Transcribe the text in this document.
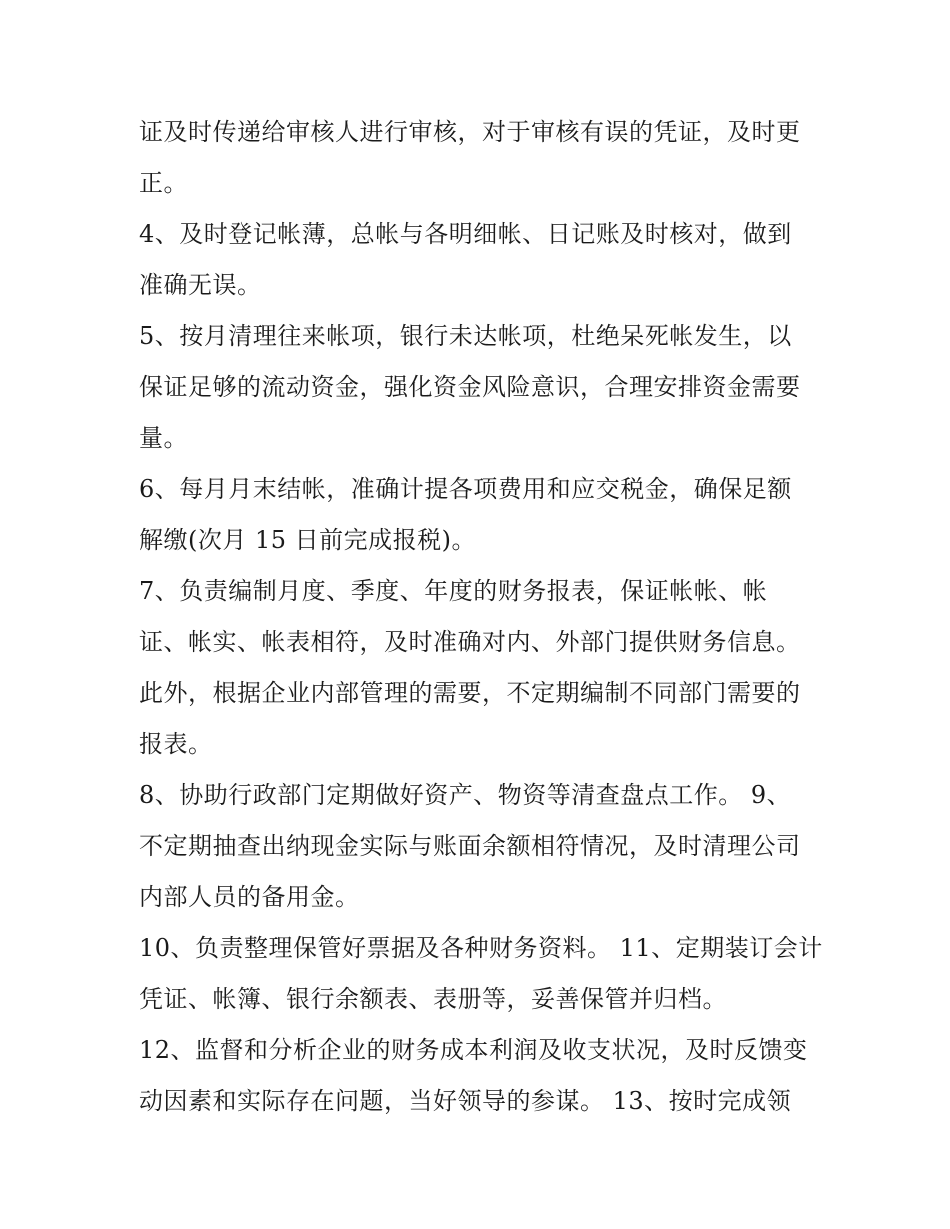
证及时传递给审核人进行审核，对于审核有误的凭证，及时更
正。
4、及时登记帐薄，总帐与各明细帐、日记账及时核对，做到
准确无误。
5、按月清理往来帐项，银行未达帐项，杜绝呆死帐发生，以
保证足够的流动资金，强化资金风险意识，合理安排资金需要
量。
6、每月月末结帐，准确计提各项费用和应交税金，确保足额
解缴(次月 15 日前完成报税)。
7、负责编制月度、季度、年度的财务报表，保证帐帐、帐
证、帐实、帐表相符，及时准确对内、外部门提供财务信息。
此外，根据企业内部管理的需要，不定期编制不同部门需要的
报表。
8、协助行政部门定期做好资产、物资等清查盘点工作。 9、
不定期抽查出纳现金实际与账面余额相符情况，及时清理公司
内部人员的备用金。
10、负责整理保管好票据及各种财务资料。 11、定期装订会计
凭证、帐簿、银行余额表、表册等，妥善保管并归档。
12、监督和分析企业的财务成本利润及收支状况，及时反馈变
动因素和实际存在问题，当好领导的参谋。 13、按时完成领
